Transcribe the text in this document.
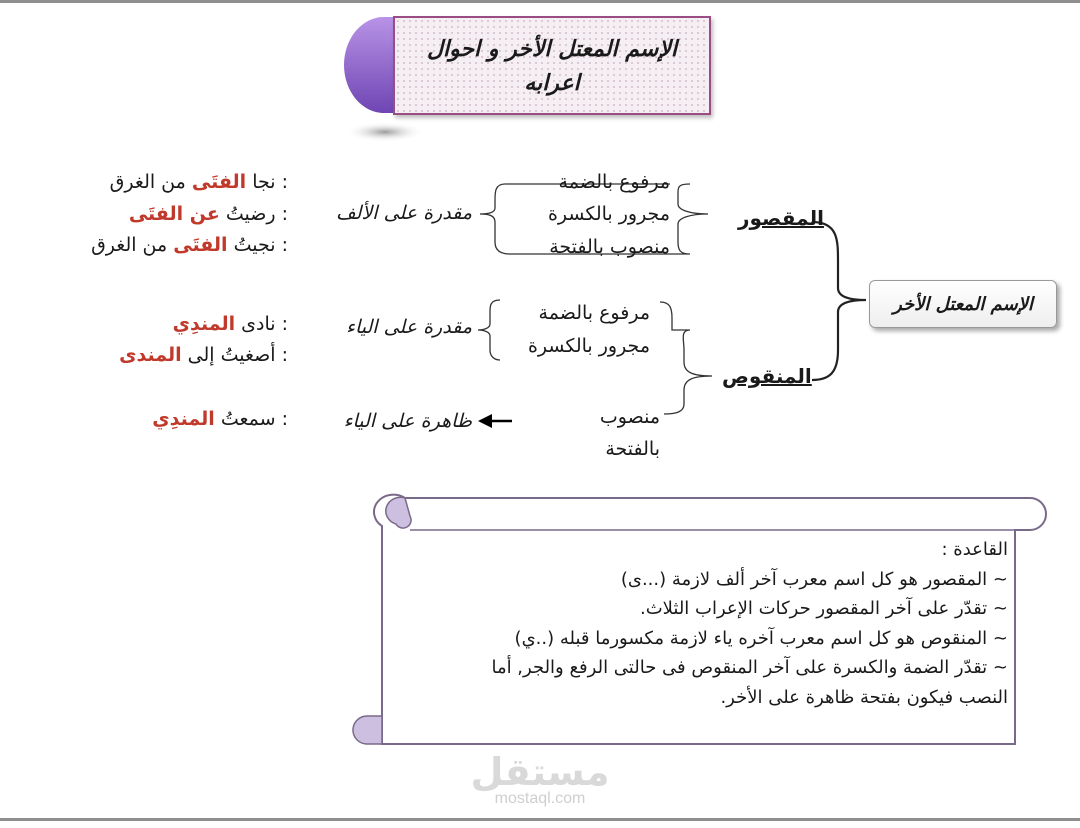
الإسم المعتل الأخر و احوال اعرابه
الإسم المعتل الأخر
المقصور
المنقوص
مرفوع بالضمة
مجرور بالكسرة
منصوب بالفتحة
مقدرة على الألف
: نجا الفتَى من الغرق
: رضيتُ عن الفتَى
: نجيتُ الفتَى من الغرق
مرفوع بالضمة
مجرور بالكسرة
مقدرة على الياء
منصوب
بالفتحة
ظاهرة على الياء
: نادى المندِي
: أصغيتُ إلى المندى
: سمعتُ المندِي
القاعدة :
~ المقصور هو كل اسم معرب آخر ألف لازمة (...ى)
~ تقدّر على آخر المقصور حركات الإعراب الثلاث.
~ المنقوص هو كل اسم معرب آخره ياء لازمة مكسورما قبله (..ي)
~ تقدّر الضمة والكسرة على آخر المنقوص فى حالتى الرفع والجر, أما
النصب فيكون بفتحة ظاهرة على الأخر.
مستقل
mostaql.com
